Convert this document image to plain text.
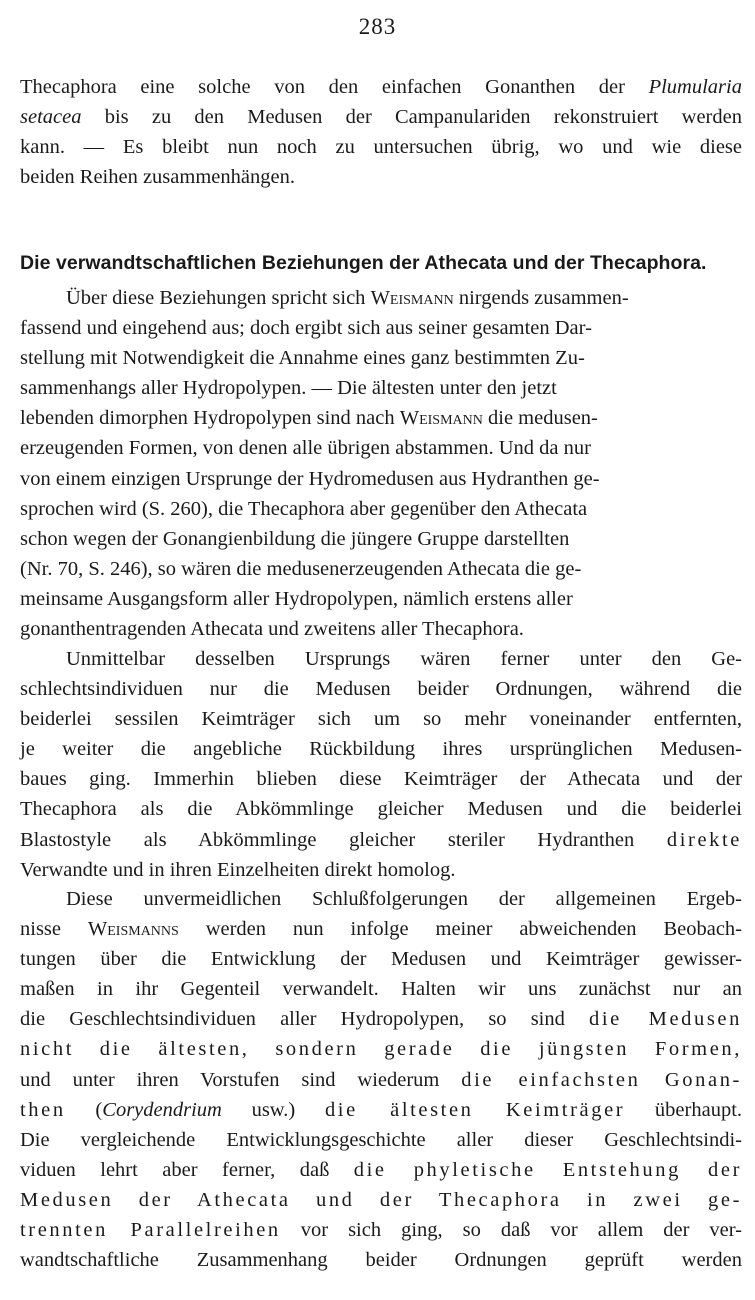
283
Thecaphora eine solche von den einfachen Gonanthen der Plumularia
setacea bis zu den Medusen der Campanulariden rekonstruiert werden
kann. — Es bleibt nun noch zu untersuchen übrig, wo und wie diese
beiden Reihen zusammenhängen.
Die verwandtschaftlichen Beziehungen der Athecata und der Thecaphora.
Über diese Beziehungen spricht sich Weismann nirgends zusammen-
fassend und eingehend aus; doch ergibt sich aus seiner gesamten Dar-
stellung mit Notwendigkeit die Annahme eines ganz bestimmten Zu-
sammenhangs aller Hydropolypen. — Die ältesten unter den jetzt
lebenden dimorphen Hydropolypen sind nach Weismann die medusen-
erzeugenden Formen, von denen alle übrigen abstammen. Und da nur
von einem einzigen Ursprunge der Hydromedusen aus Hydranthen ge-
sprochen wird (S. 260), die Thecaphora aber gegenüber den Athecata
schon wegen der Gonangienbildung die jüngere Gruppe darstellten
(Nr. 70, S. 246), so wären die medusenerzeugenden Athecata die ge-
meinsame Ausgangsform aller Hydropolypen, nämlich erstens aller
gonanthentragenden Athecata und zweitens aller Thecaphora.
Unmittelbar desselben Ursprungs wären ferner unter den Ge-
schlechtsindividuen nur die Medusen beider Ordnungen, während die
beiderlei sessilen Keimträger sich um so mehr voneinander entfernten,
je weiter die angebliche Rückbildung ihres ursprünglichen Medusen-
baues ging. Immerhin blieben diese Keimträger der Athecata und der
Thecaphora als die Abkömmlinge gleicher Medusen und die beiderlei
Blastostyle als Abkömmlinge gleicher steriler Hydranthen direkte
Verwandte und in ihren Einzelheiten direkt homolog.
Diese unvermeidlichen Schlußfolgerungen der allgemeinen Ergeb-
nisse Weismanns werden nun infolge meiner abweichenden Beobach-
tungen über die Entwicklung der Medusen und Keimträger gewisser-
maßen in ihr Gegenteil verwandelt. Halten wir uns zunächst nur an
die Geschlechtsindividuen aller Hydropolypen, so sind die Medusen
nicht die ältesten, sondern gerade die jüngsten Formen,
und unter ihren Vorstufen sind wiederum die einfachsten Gonan-
then (Corydendrium usw.) die ältesten Keimträger überhaupt.
Die vergleichende Entwicklungsgeschichte aller dieser Geschlechtsindi-
viduen lehrt aber ferner, daß die phyletische Entstehung der
Medusen der Athecata und der Thecaphora in zwei ge-
trennten Parallelreihen vor sich ging, so daß vor allem der ver-
wandtschaftliche Zusammenhang beider Ordnungen geprüft werden
